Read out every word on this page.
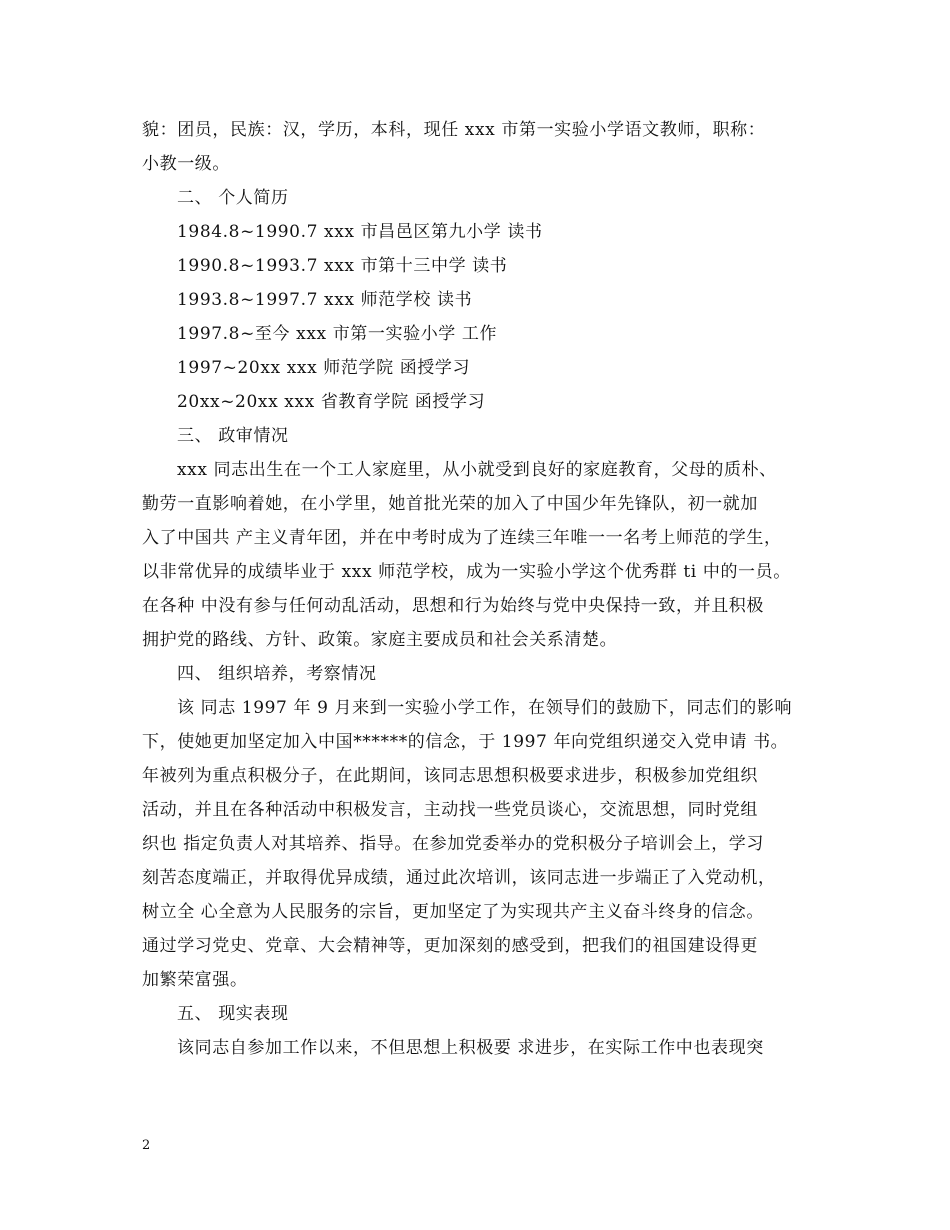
貌：团员，民族：汉，学历，本科，现任 xxx 市第一实验小学语文教师，职称：
小教一级。
二、 个人简历
1984.8~1990.7 xxx 市昌邑区第九小学 读书
1990.8~1993.7 xxx 市第十三中学 读书
1993.8~1997.7 xxx 师范学校 读书
1997.8~至今 xxx 市第一实验小学 工作
1997~20xx xxx 师范学院 函授学习
20xx~20xx xxx 省教育学院 函授学习
三、 政审情况
xxx 同志出生在一个工人家庭里，从小就受到良好的家庭教育，父母的质朴、
勤劳一直影响着她，在小学里，她首批光荣的加入了中国少年先锋队，初一就加
入了中国共 产主义青年团，并在中考时成为了连续三年唯一一名考上师范的学生，
以非常优异的成绩毕业于 xxx 师范学校，成为一实验小学这个优秀群 ti 中的一员。
在各种 中没有参与任何动乱活动，思想和行为始终与党中央保持一致，并且积极
拥护党的路线、方针、政策。家庭主要成员和社会关系清楚。
四、 组织培养，考察情况
该 同志 1997 年 9 月来到一实验小学工作，在领导们的鼓励下，同志们的影响
下，使她更加坚定加入中国******的信念，于 1997 年向党组织递交入党申请 书。
年被列为重点积极分子，在此期间，该同志思想积极要求进步，积极参加党组织
活动，并且在各种活动中积极发言，主动找一些党员谈心，交流思想，同时党组
织也 指定负责人对其培养、指导。在参加党委举办的党积极分子培训会上，学习
刻苦态度端正，并取得优异成绩，通过此次培训，该同志进一步端正了入党动机，
树立全 心全意为人民服务的宗旨，更加坚定了为实现共产主义奋斗终身的信念。
通过学习党史、党章、大会精神等，更加深刻的感受到，把我们的祖国建设得更
加繁荣富强。
五、 现实表现
该同志自参加工作以来，不但思想上积极要 求进步，在实际工作中也表现突
2
